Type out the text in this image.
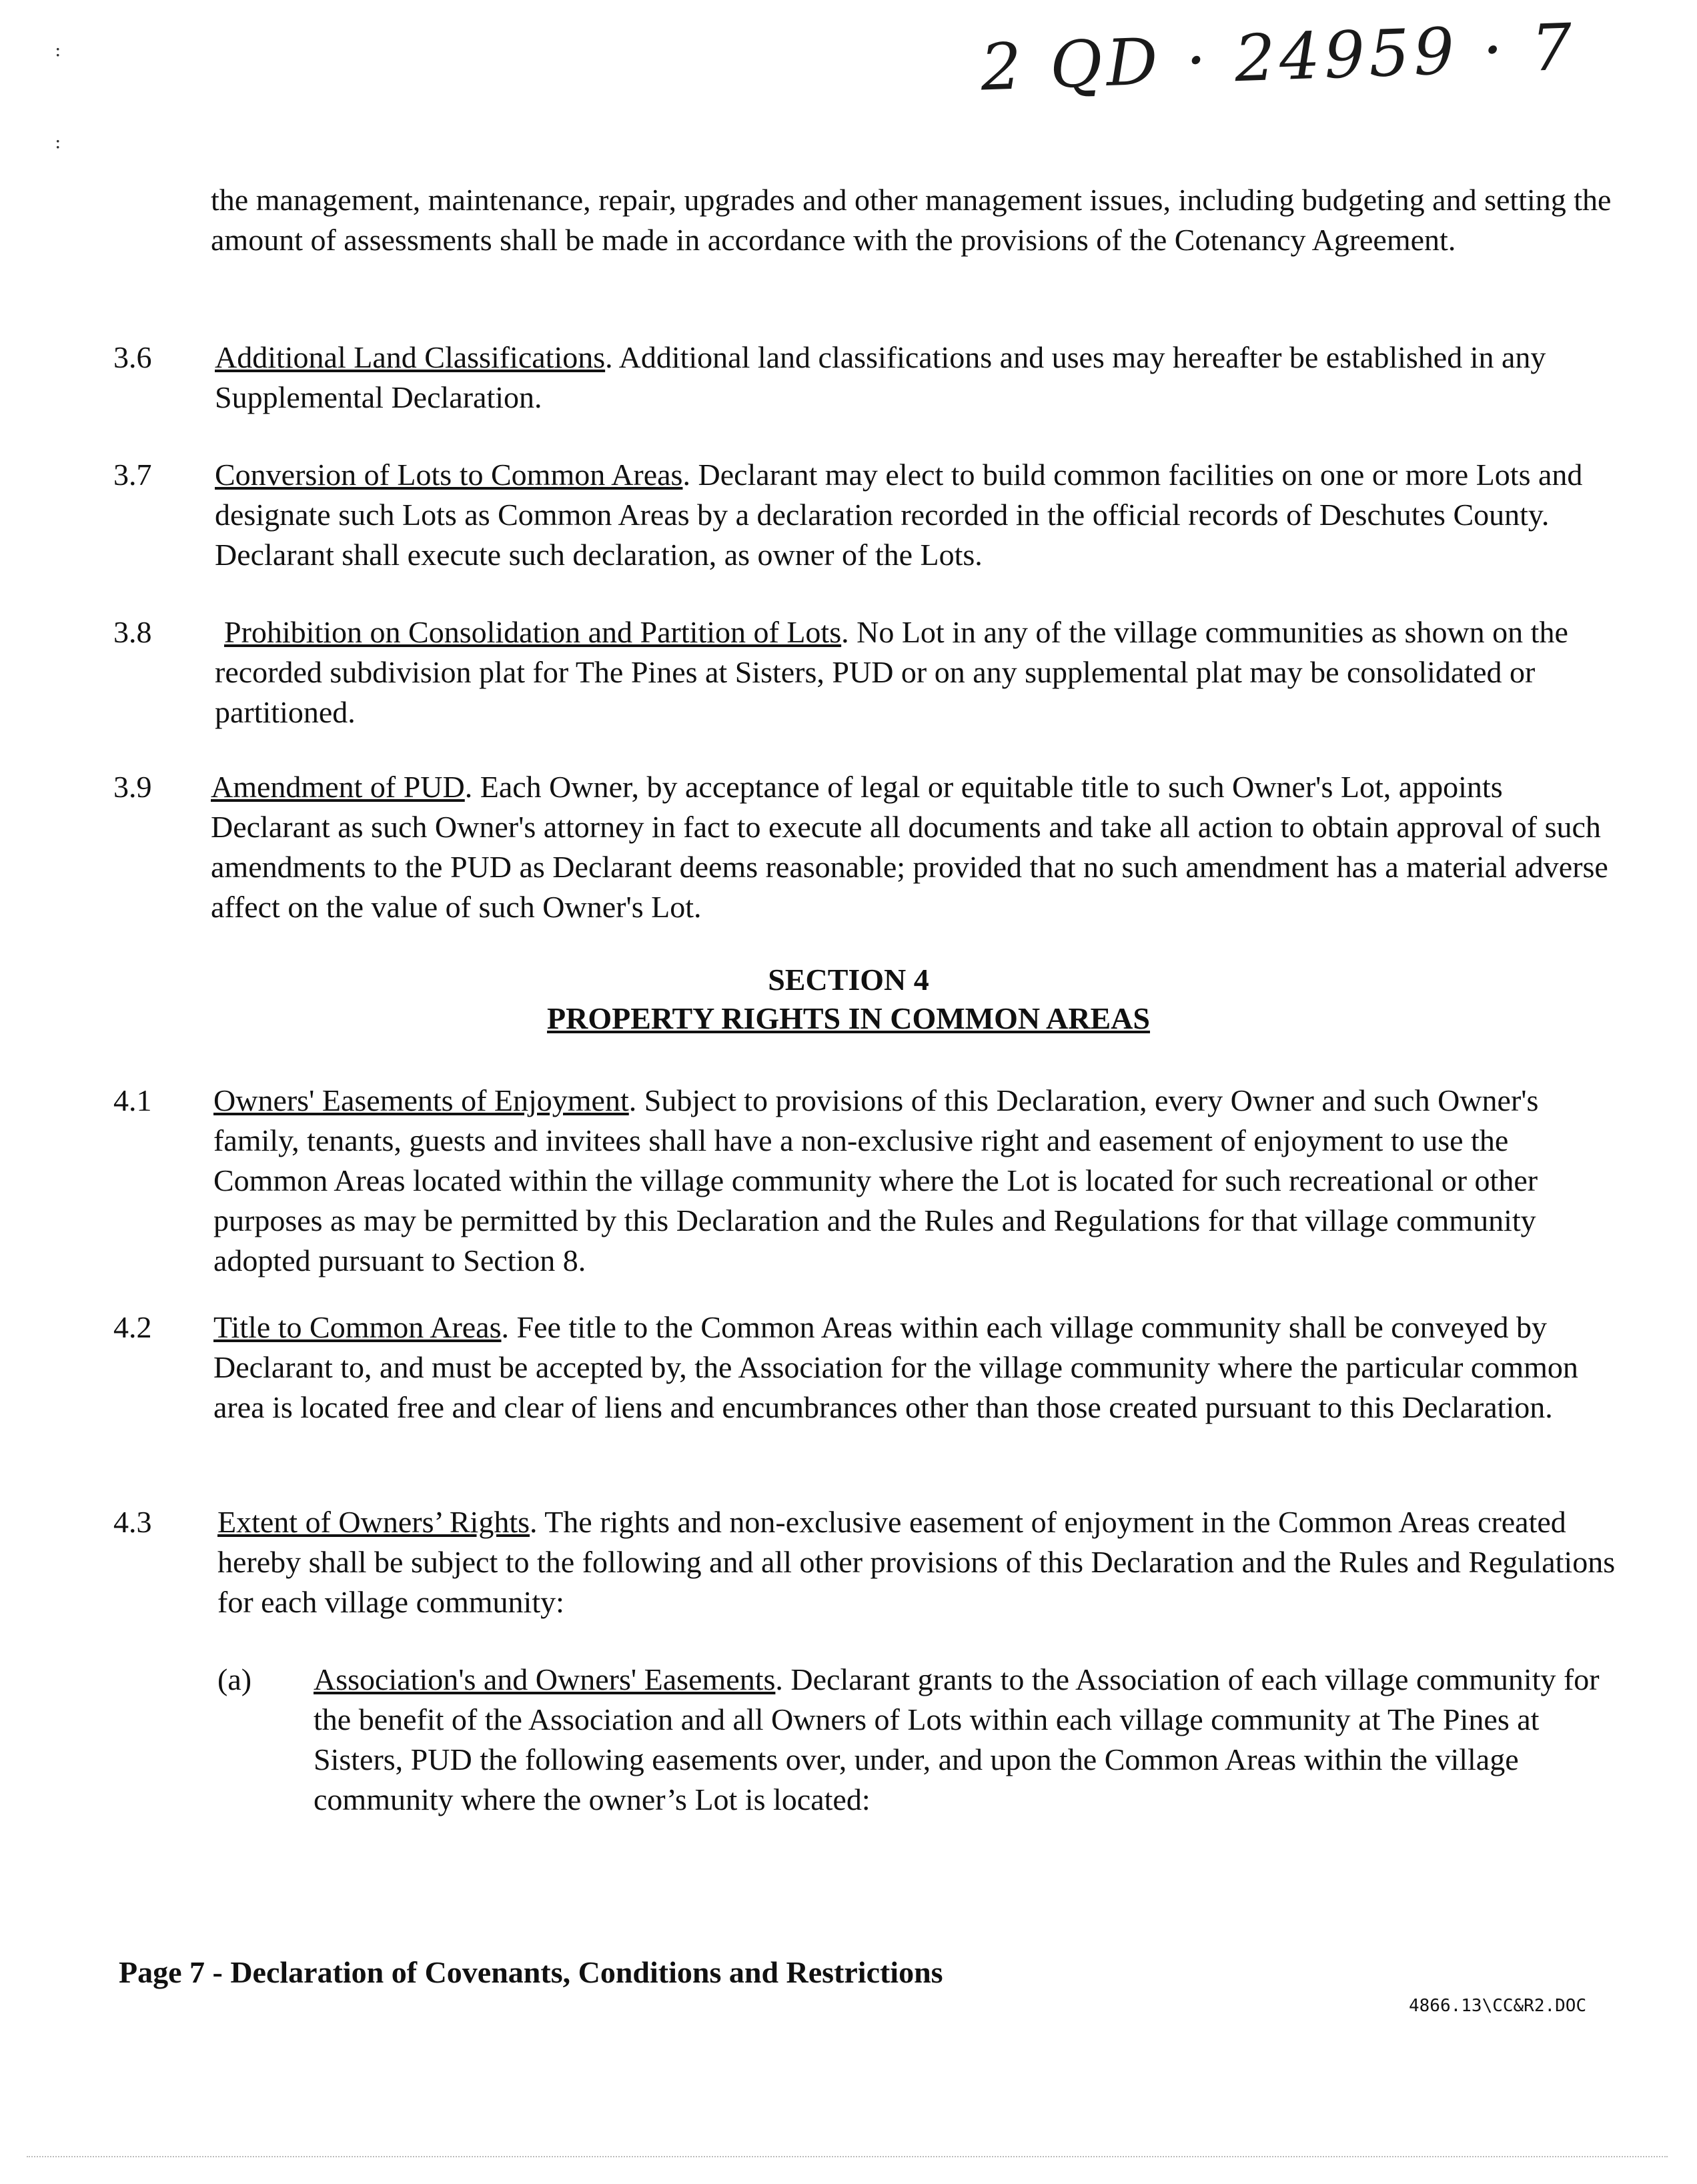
2 QD · 24959 · 7
։
։
the management, maintenance, repair, upgrades and other management issues, including budgeting and setting the amount of assessments shall be made in accordance with the provisions of the Cotenancy Agreement.
3.6 Additional Land Classifications. Additional land classifications and uses may hereafter be established in any Supplemental Declaration.
3.7 Conversion of Lots to Common Areas. Declarant may elect to build common facilities on one or more Lots and designate such Lots as Common Areas by a declaration recorded in the official records of Deschutes County. Declarant shall execute such declaration, as owner of the Lots.
3.8	Prohibition on Consolidation and Partition of Lots. No Lot in any of the village communities as shown on the recorded subdivision plat for The Pines at Sisters, PUD or on any supplemental plat may be consolidated or partitioned.
3.9 Amendment of PUD. Each Owner, by acceptance of legal or equitable title to such Owner's Lot, appoints Declarant as such Owner's attorney in fact to execute all documents and take all action to obtain approval of such amendments to the PUD as Declarant deems reasonable; provided that no such amendment has a material adverse affect on the value of such Owner's Lot.
SECTION 4
PROPERTY RIGHTS IN COMMON AREAS
4.1 Owners' Easements of Enjoyment. Subject to provisions of this Declaration, every Owner and such Owner's family, tenants, guests and invitees shall have a non-exclusive right and easement of enjoyment to use the Common Areas located within the village community where the Lot is located for such recreational or other purposes as may be permitted by this Declaration and the Rules and Regulations for that village community adopted pursuant to Section 8.
4.2 Title to Common Areas. Fee title to the Common Areas within each village community shall be conveyed by Declarant to, and must be accepted by, the Association for the village community where the particular common area is located free and clear of liens and encumbrances other than those created pursuant to this Declaration.
4.3 Extent of Owners’ Rights. The rights and non-exclusive easement of enjoyment in the Common Areas created hereby shall be subject to the following and all other provisions of this Declaration and the Rules and Regulations for each village community:
(a) Association's and Owners' Easements. Declarant grants to the Association of each village community for the benefit of the Association and all Owners of Lots within each village community at The Pines at Sisters, PUD the following easements over, under, and upon the Common Areas within the village community where the owner’s Lot is located:
Page 7 - Declaration of Covenants, Conditions and Restrictions
4866.13\CC&R2.DOC
